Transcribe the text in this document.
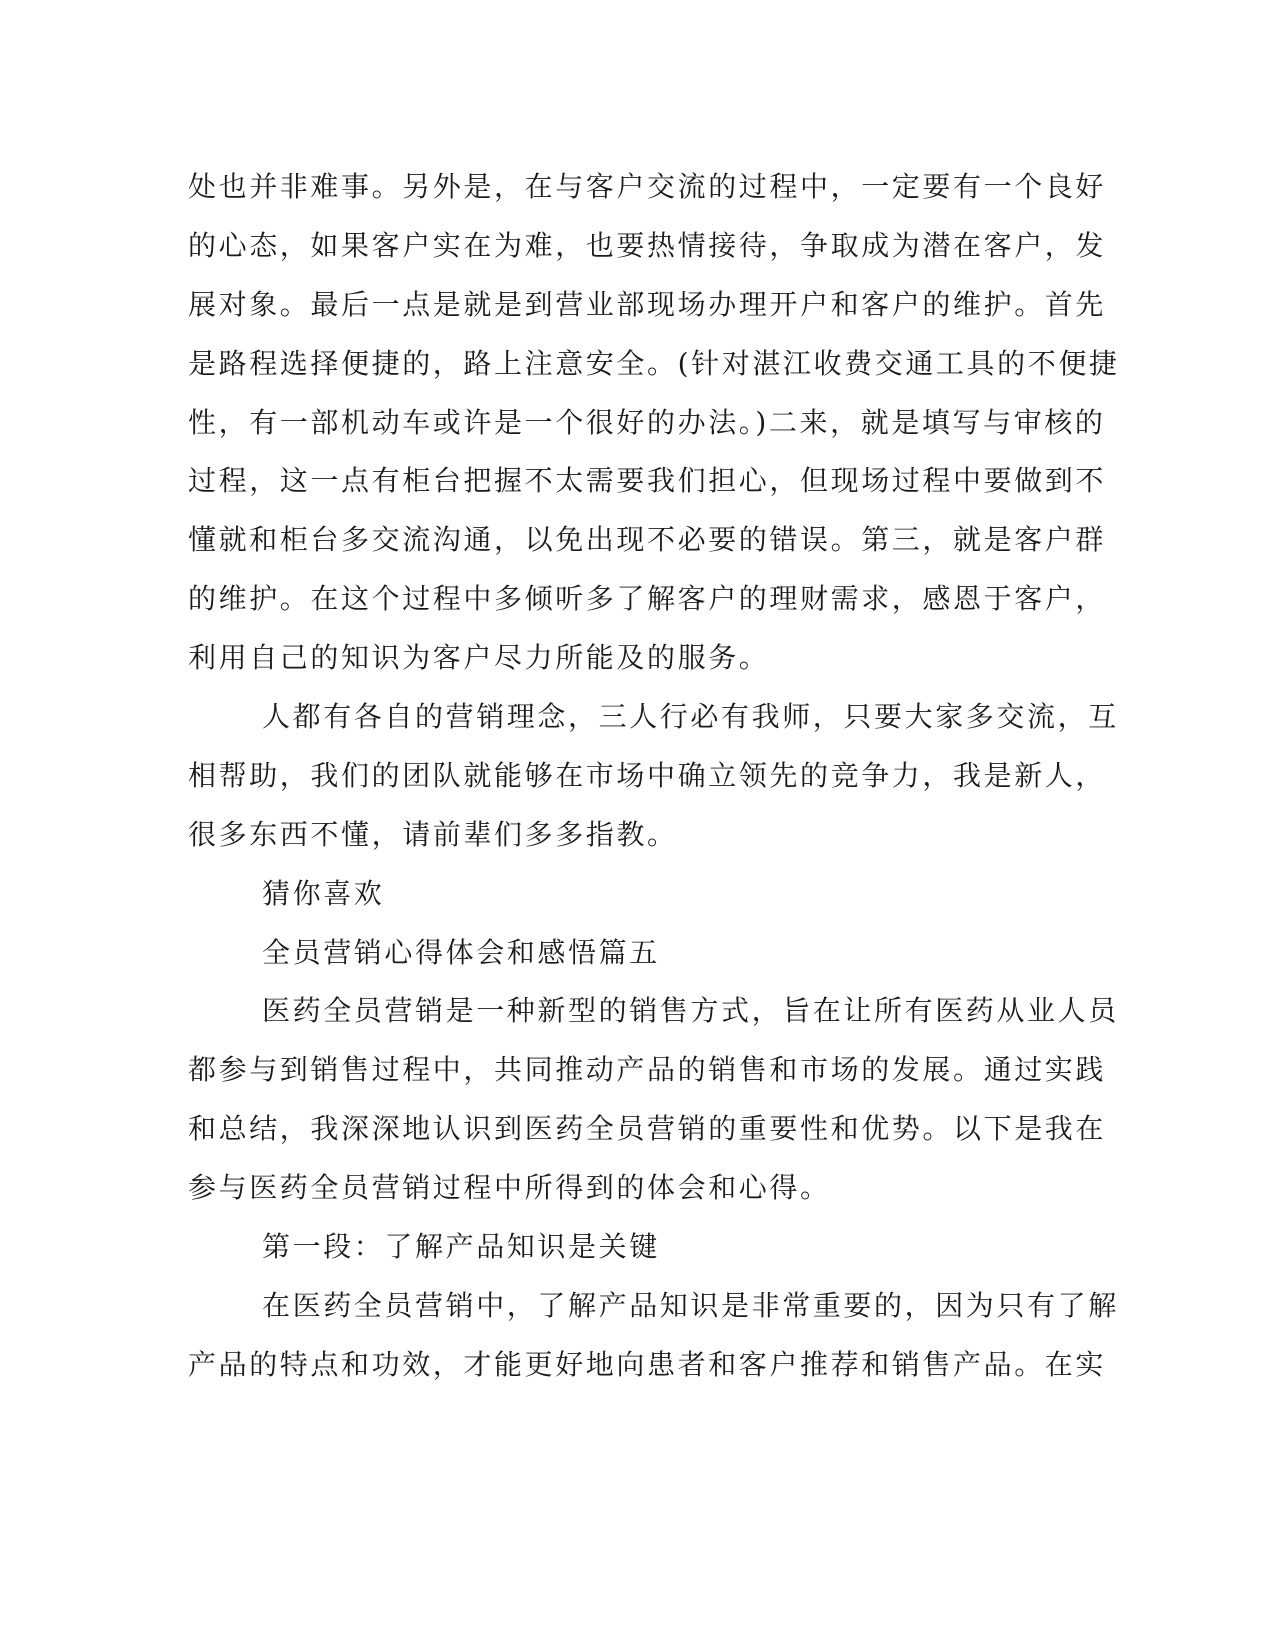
处也并非难事。另外是，在与客户交流的过程中，一定要有一个良好
的心态，如果客户实在为难，也要热情接待，争取成为潜在客户，发
展对象。最后一点是就是到营业部现场办理开户和客户的维护。首先
是路程选择便捷的，路上注意安全。(针对湛江收费交通工具的不便捷
性，有一部机动车或许是一个很好的办法。)二来，就是填写与审核的
过程，这一点有柜台把握不太需要我们担心，但现场过程中要做到不
懂就和柜台多交流沟通，以免出现不必要的错误。第三，就是客户群
的维护。在这个过程中多倾听多了解客户的理财需求，感恩于客户，
利用自己的知识为客户尽力所能及的服务。
人都有各自的营销理念，三人行必有我师，只要大家多交流，互
相帮助，我们的团队就能够在市场中确立领先的竞争力，我是新人，
很多东西不懂，请前辈们多多指教。
猜你喜欢
全员营销心得体会和感悟篇五
医药全员营销是一种新型的销售方式，旨在让所有医药从业人员
都参与到销售过程中，共同推动产品的销售和市场的发展。通过实践
和总结，我深深地认识到医药全员营销的重要性和优势。以下是我在
参与医药全员营销过程中所得到的体会和心得。
第一段：了解产品知识是关键
在医药全员营销中，了解产品知识是非常重要的，因为只有了解
产品的特点和功效，才能更好地向患者和客户推荐和销售产品。在实
